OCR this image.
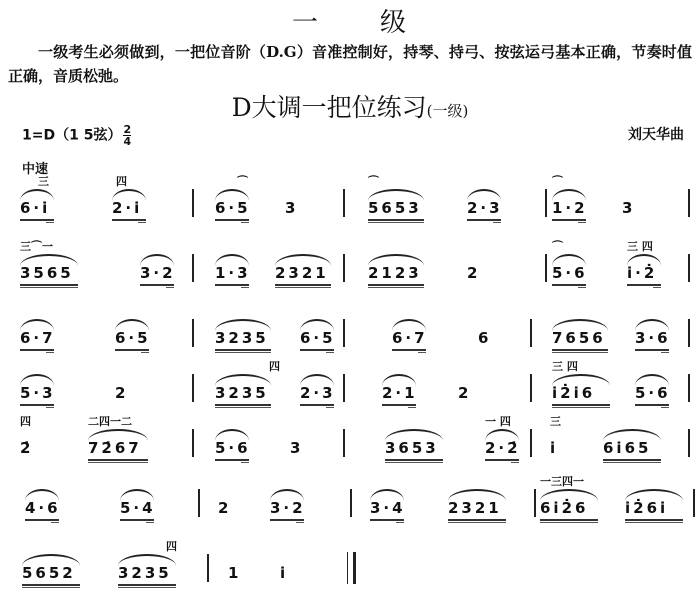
一 级
一级考生必须做到，一把位音阶（D.G）音准控制好，持琴、持弓、按弦运弓基本正确，节奏时值正确，音质松弛。
D大调一把位练习(一级)
1=D（1 5弦） $\frac{2}{4}$	刘天华曲
中速
三
6·i
四
2·i
⌒
6·5 3
⌒
5653	2·3
⌒
1·2 3
三⌒一
3565	3·2	1·3 2321	2123	2
⌒
5·6
三 四
i·2̇
6·7	6·5	3235 6·5	6·7	6	7656 3·6
5·3	2
四
3235 2·3	2·1	2
三 四
i2̇i6	5·6
四
2̇
二四一二
72̇67	5·6	3	3653
一 四
2·2̇
三
i	6i65
4·6	5·4	2	3·2	3·4	2321
一三四一
6i2̇6 i2̇6i
5652
四
3235	1	i
